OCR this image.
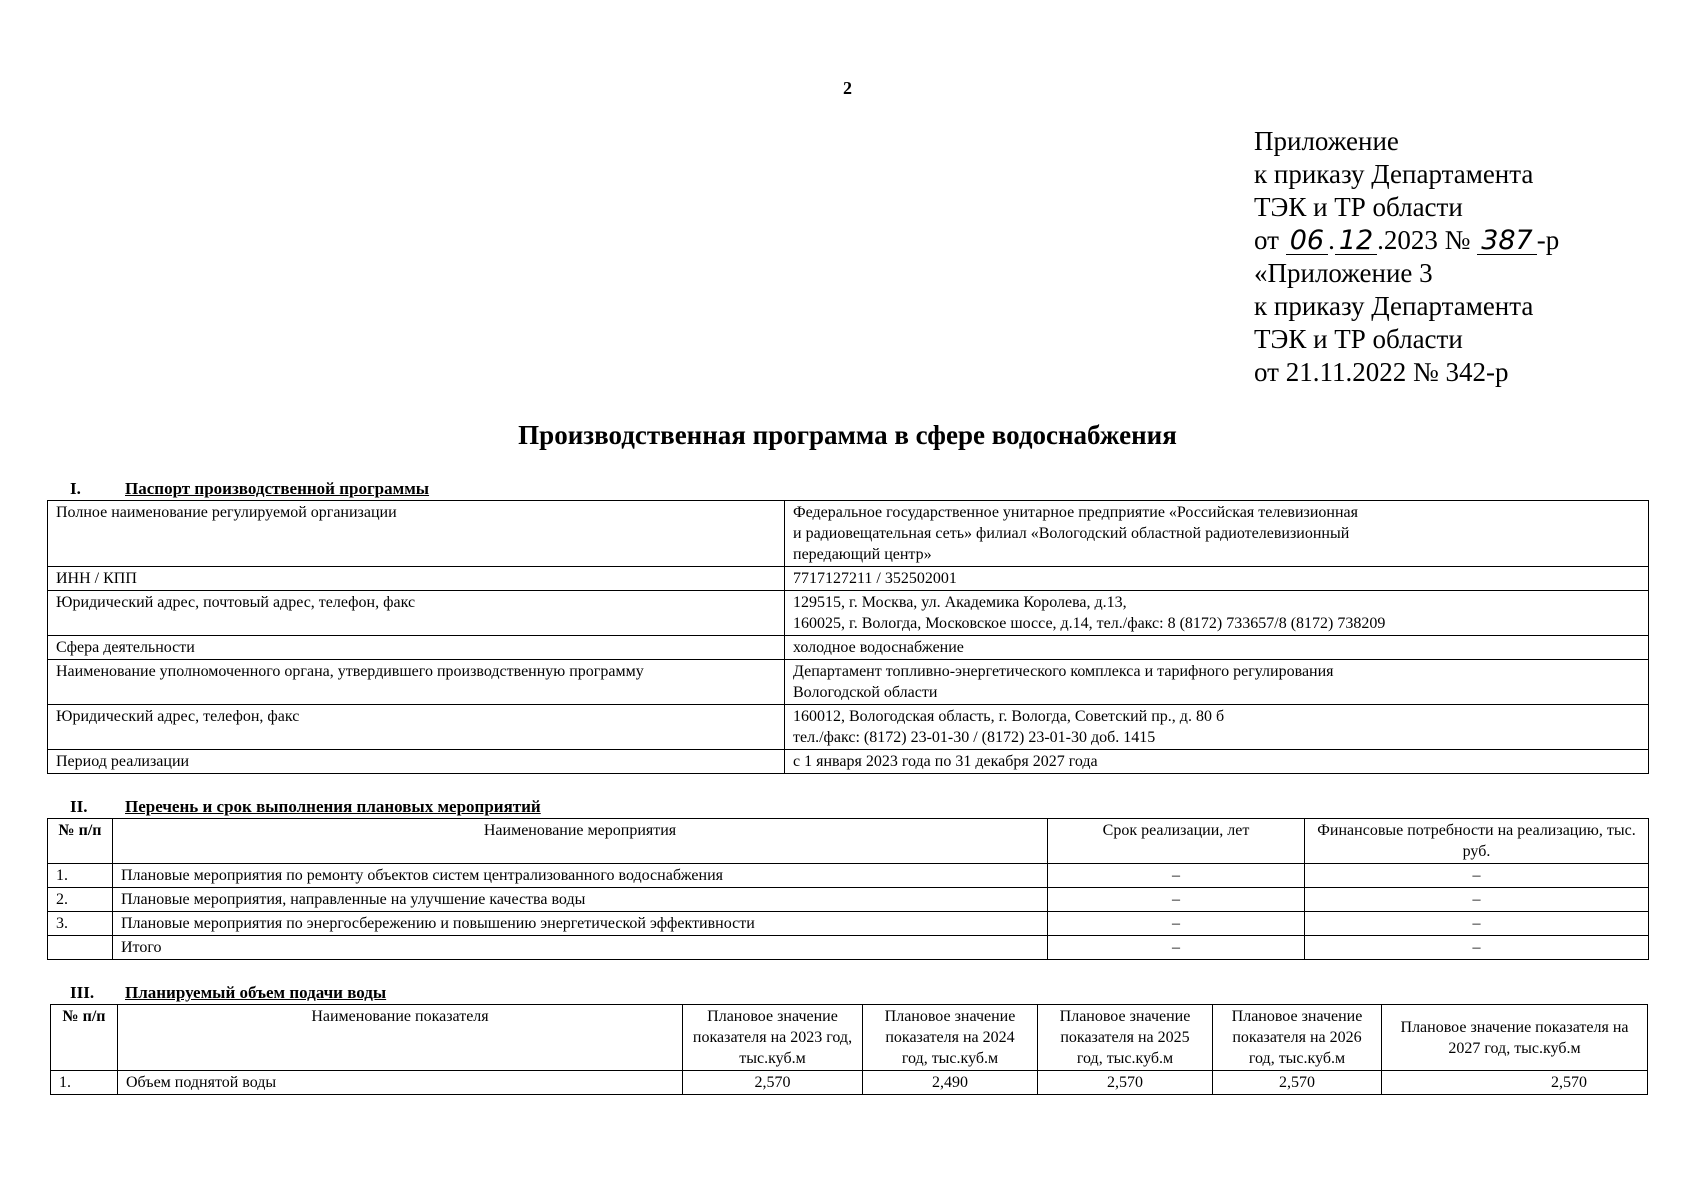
2
Приложение
к приказу Департамента
ТЭК и ТР области
от 06 . 12 .2023 № 387 -р
«Приложение 3
к приказу Департамента
ТЭК и ТР области
от 21.11.2022 № 342-р
Производственная программа в сфере водоснабжения
I.	Паспорт производственной программы
Полное наименование регулируемой организации	Федеральное государственное унитарное предприятие «Российская телевизионная
и радиовещательная сеть» филиал «Вологодский областной радиотелевизионный
передающий центр»

ИНН / КПП	7717127211 / 352502001

Юридический адрес, почтовый адрес, телефон, факс	129515, г. Москва, ул. Академика Королева, д.13,
160025, г. Вологда, Московское шоссе, д.14, тел./факс: 8 (8172) 733657/8 (8172) 738209

Сфера деятельности	холодное водоснабжение

Наименование уполномоченного органа, утвердившего производственную программу	Департамент топливно-энергетического комплекса и тарифного регулирования
Вологодской области

Юридический адрес, телефон, факс	160012, Вологодская область, г. Вологда, Советский пр., д. 80 б
тел./факс: (8172) 23-01-30 / (8172) 23-01-30 доб. 1415

Период реализации	с 1 января 2023 года по 31 декабря 2027 года
II. Перечень и срок выполнения плановых мероприятий
№ п/п	Наименование мероприятия	Срок реализации, лет	Финансовые потребности на реализацию, тыс. руб.
1.	Плановые мероприятия по ремонту объектов систем централизованного водоснабжения	–	–
2.	Плановые мероприятия, направленные на улучшение качества воды	–	–
3.	Плановые мероприятия по энергосбережению и повышению энергетической эффективности	–	–
	Итого	–	–
III. Планируемый объем подачи воды
№ п/п	Наименование показателя	Плановое значение показателя на 2023 год, тыс.куб.м	Плановое значение показателя на 2024 год, тыс.куб.м	Плановое значение показателя на 2025 год, тыс.куб.м	Плановое значение показателя на 2026 год, тыс.куб.м	Плановое значение показателя на 2027 год, тыс.куб.м
1.	Объем поднятой воды	2,570	2,490	2,570	2,570	2,570
